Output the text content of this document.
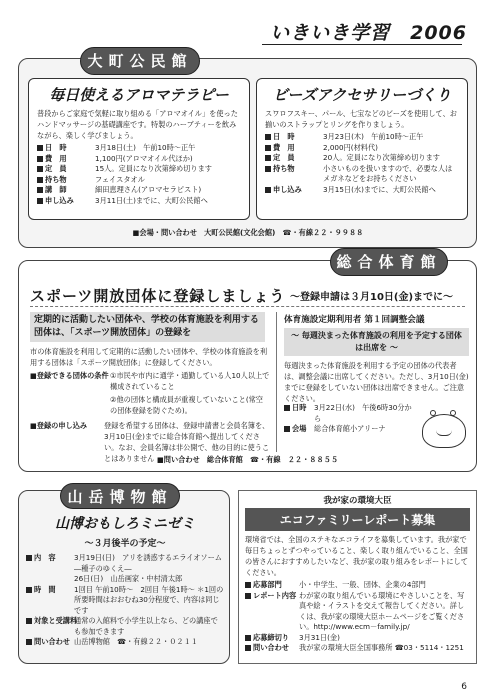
いきいき学習　2006
大町公民館
毎日使えるアロマテラピー
普段からご家庭で気軽に取り組める「アロマオイル」を使ったハンドマッサージの基礎講座です。特製のハーブティーを飲みながら、楽しく学びましょう。
日　時	3月18日(土)　午前10時～正午
費　用	1,100円(アロマオイル代ほか)
定　員	15人。定員になり次第締め切ります
持ち物	フェイスタオル
講　師	細田恵理さん(アロマセラピスト)
申し込み	3月11日(土)までに、大町公民館へ
ビーズアクセサリーづくり
スワロフスキー、パール、七宝などのビーズを使用して、お揃いのストラップとリングを作りましょう。
日　時	3月23日(木)　午前10時～正午
費　用	2,000円(材料代)
定　員	20人。定員になり次第締め切ります
持ち物	小さいものを扱いますので、必要な人はメガネなどをお持ちください
申し込み	3月15日(水)までに、大町公民館へ
■会場・問い合わせ　大町公民館(文化会館)　☎・有線２２・９９８８
総合体育館
スポーツ開放団体に登録しましょう ～登録申請は３月10日(金)までに～
定期的に活動したい団体や、学校の体育施設を利用する団体は、「スポーツ開放団体」の登録を
市の体育施設を利用して定期的に活動したい団体や、学校の体育施設を利用する団体は「スポーツ開放団体」に登録してください。
■登録できる団体の条件 ①市民や市内に通学・通勤している人10人以上で構成されていること
②他の団体と構成員が重複していないこと(常空の団体登録を防ぐため)。
■登録の申し込み 登録を希望する団体は、登録申請書と会員名簿を、3月10日(金)までに総合体育館へ提出してください。なお、会員名簿は非公開で、他の目的に使うことはありません
体育施設定期利用者 第１回調整会議
～ 毎週決まった体育施設の利用を予定する団体は出席を ～
毎週決まった体育施設を利用する予定の団体の代表者は、調整会議に出席してください。ただし、3月10日(金)までに登録をしていない団体は出席できません。ご注意ください。
日時	3月22日(水)　午後6時30分から
会場	総合体育館小アリーナ
■問い合わせ　総合体育館　☎・有線　２２・８８５５
山岳博物館
山博おもしろミニゼミ
～３月後半の予定～
内　容	3月19日(日)　アリを誘惑するエライオソーム ―種子のゆくえ―
26日(日)　山岳画家・中村清太郎
時　間	1回目 午前10時～　2回目 午後1時～ ＊1回の所要時間はおおむね30分程度で、内容は同じです
対象と受講料
通常の入館料で小学生以上なら、どの講座でも参加できます
問い合わせ 山岳博物館　☎・有線２２・０２１１
我が家の環境大臣
エコファミリーレポート募集
環境省では、全国のステキなエコライフを募集しています。我が家で毎日ちょっとずつやっていること、楽しく取り組んでいること、全国の皆さんにおすすめしたいなど、我が家の取り組みをレポートにしてください。
応募部門	小・中学生、一般、団体、企業の4部門
レポート内容 わが家の取り組んでいる環境にやさしいことを、写真や絵・イラストを交えて報告してください。詳しくは、我が家の環境大臣ホームページをご覧ください。http://www.ecm－family.jp/
応募締切り	3月31日(金)
問い合わせ	我が家の環境大臣全国事務所 ☎03・5114・1251
6
